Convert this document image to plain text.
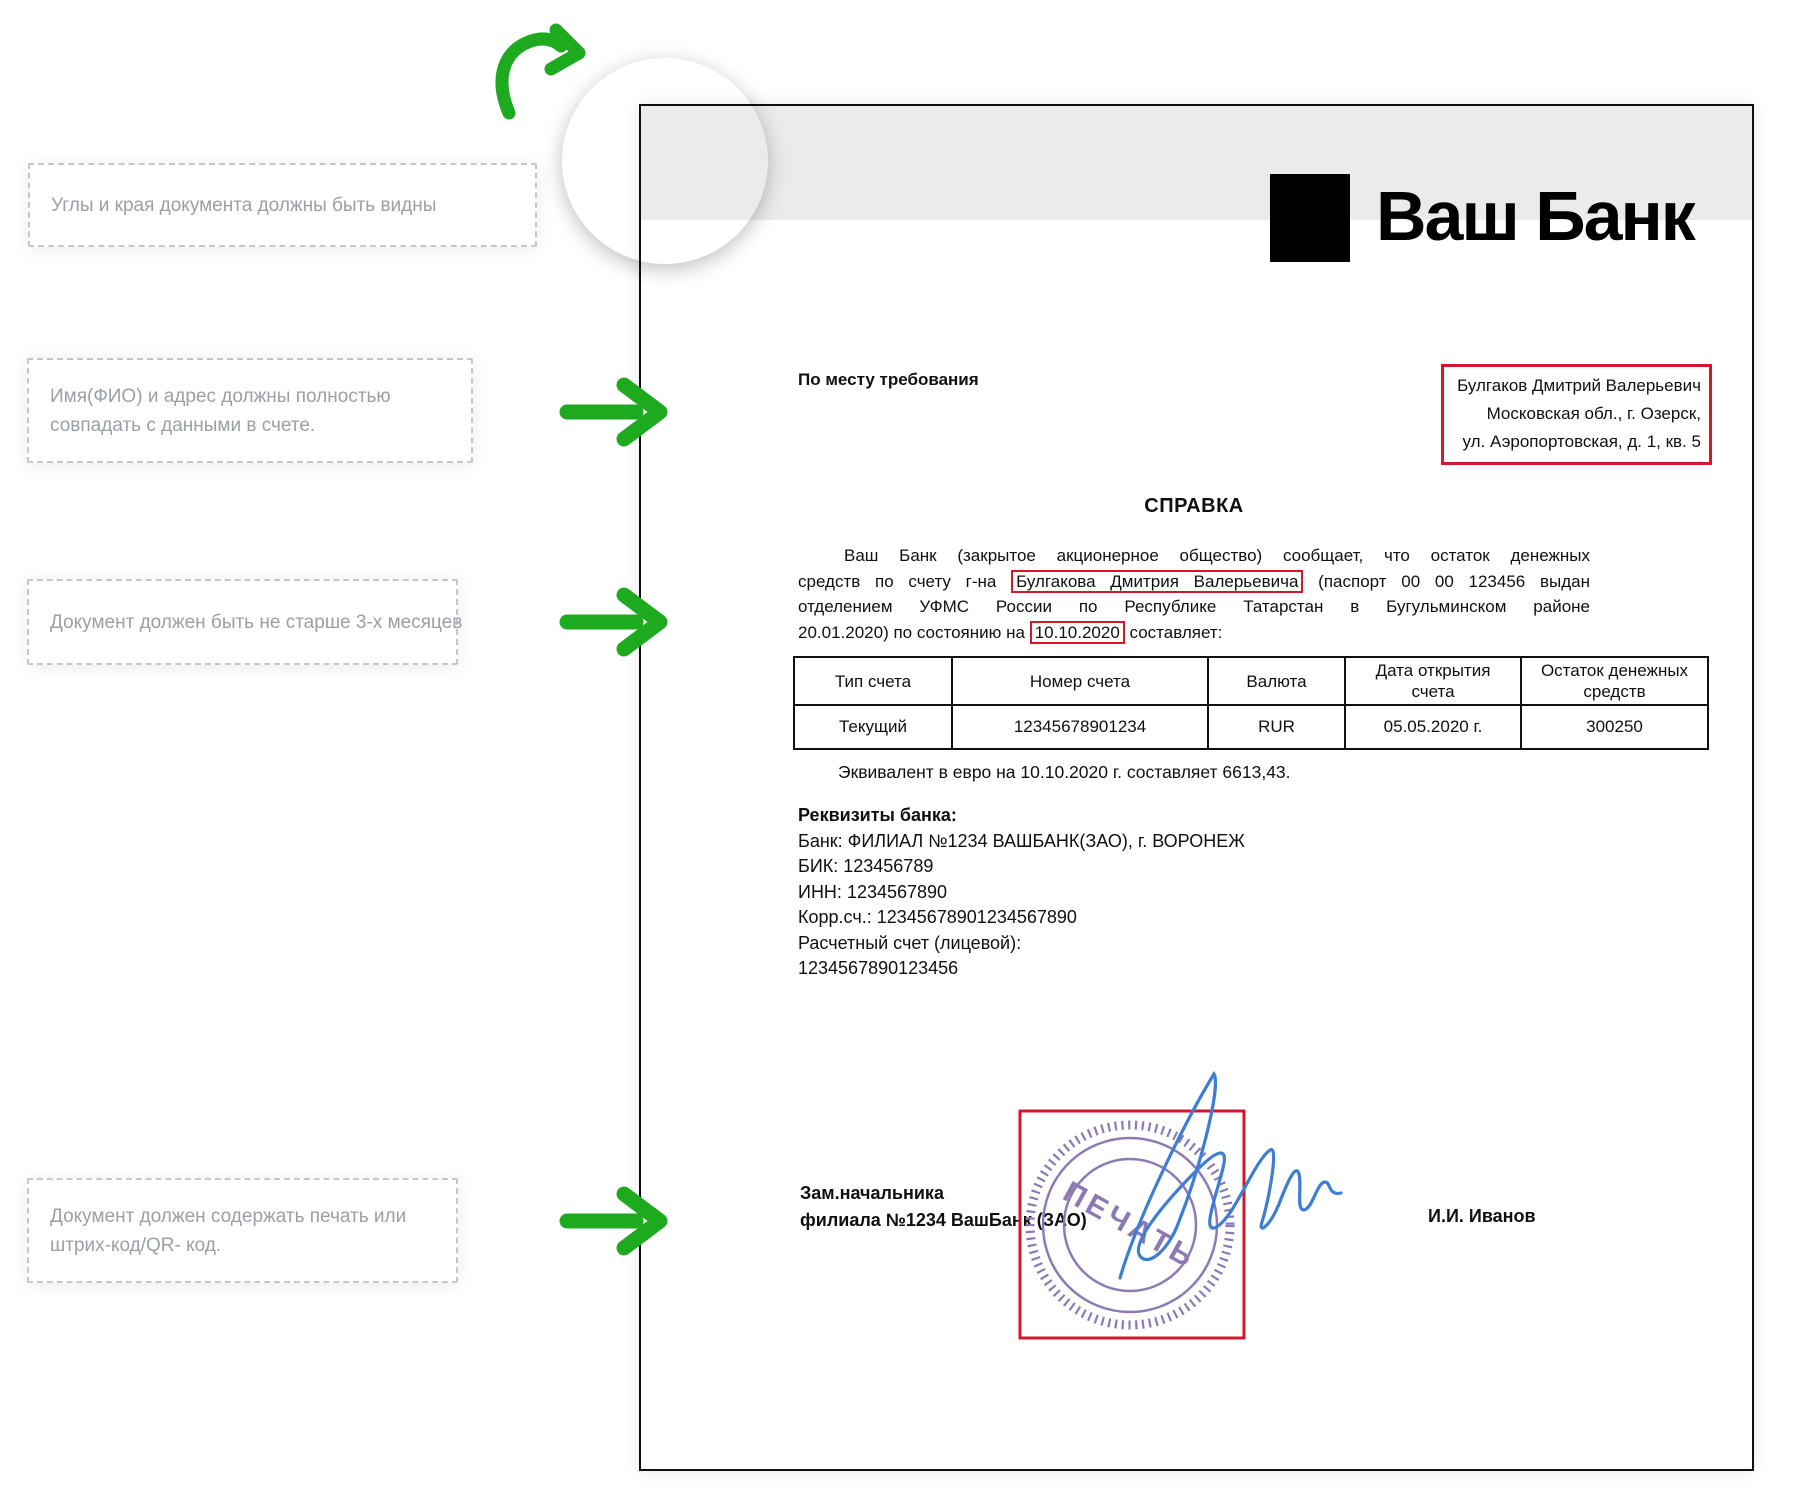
Углы и края документа должны быть видны
Имя(ФИО) и адрес должны полностью
совпадать с данными в счете.
Документ должен быть не старше 3-х месяцев
Документ должен содержать печать или
штрих-код/QR- код.
Ваш Банк
По месту требования	Булгаков Дмитрий Валерьевич
Московская обл., г. Озерск,
ул. Аэропортовская, д. 1, кв. 5
СПРАВКА
Ваш Банк (закрытое акционерное общество) сообщает, что остаток денежных
средств по счету г-на Булгакова Дмитрия Валерьевича (паспорт 00 00 123456 выдан
отделением УФМС России по Республике Татарстан в Бугульминском районе
20.01.2020) по состоянию на 10.10.2020 составляет:
Тип счета	Номер счета	Валюта	Дата открытия счета	Остаток денежных средств
Текущий	12345678901234	RUR	05.05.2020 г.	300250
Эквивалент в евро на 10.10.2020 г. составляет 6613,43.
Реквизиты банка:
Банк: ФИЛИАЛ №1234 ВАШБАНК(ЗАО), г. ВОРОНЕЖ
БИК: 123456789
ИНН: 1234567890
Корр.сч.: 12345678901234567890
Расчетный счет (лицевой):
1234567890123456
Зам.начальника
филиала №1234 ВашБанк (ЗАО)
ПЕЧАТЬ	И.И. Иванов
